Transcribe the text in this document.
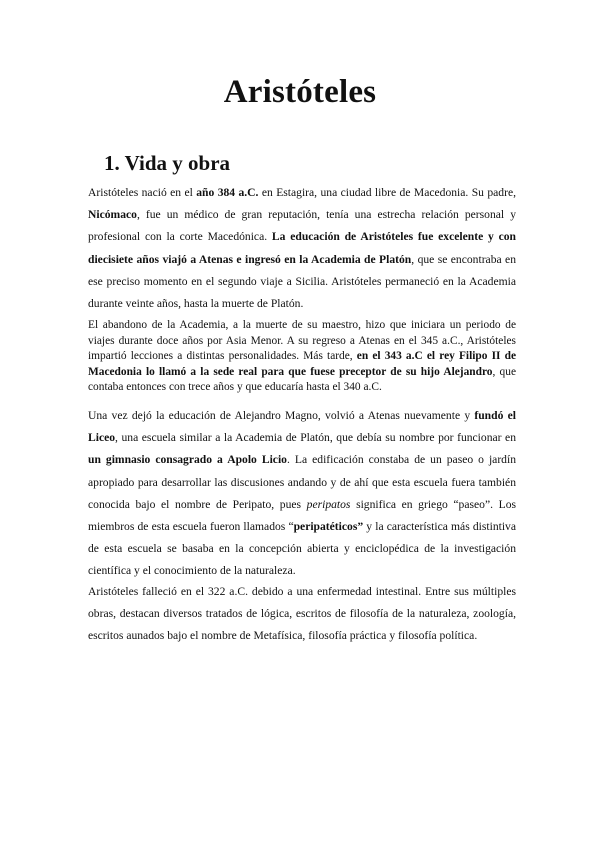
Aristóteles
1. Vida y obra

Aristóteles nació en el año 384 a.C. en Estagira, una ciudad libre de Macedonia. Su padre, Nicómaco, fue un médico de gran reputación, tenía una estrecha relación personal y profesional con la corte Macedónica. La educación de Aristóteles fue excelente y con diecisiete años viajó a Atenas e ingresó en la Academia de Platón, que se encontraba en ese preciso momento en el segundo viaje a Sicilia. Aristóteles permaneció en la Academia durante veinte años, hasta la muerte de Platón.

El abandono de la Academia, a la muerte de su maestro, hizo que iniciara un periodo de viajes durante doce años por Asia Menor. A su regreso a Atenas en el 345 a.C., Aristóteles impartió lecciones a distintas personalidades. Más tarde, en el 343 a.C el rey Filipo II de Macedonia lo llamó a la sede real para que fuese preceptor de su hijo Alejandro, que contaba entonces con trece años y que educaría hasta el 340 a.C.

Una vez dejó la educación de Alejandro Magno, volvió a Atenas nuevamente y fundó el Liceo, una escuela similar a la Academia de Platón, que debía su nombre por funcionar en un gimnasio consagrado a Apolo Licio. La edificación constaba de un paseo o jardín apropiado para desarrollar las discusiones andando y de ahí que esta escuela fuera también conocida bajo el nombre de Peripato, pues peripatos significa en griego “paseo”. Los miembros de esta escuela fueron llamados “peripatéticos” y la característica más distintiva de esta escuela se basaba en la concepción abierta y enciclopédica de la investigación científica y el conocimiento de la naturaleza.

Aristóteles falleció en el 322 a.C. debido a una enfermedad intestinal. Entre sus múltiples obras, destacan diversos tratados de lógica, escritos de filosofía de la naturaleza, zoología, escritos aunados bajo el nombre de Metafísica, filosofía práctica y filosofía política.
